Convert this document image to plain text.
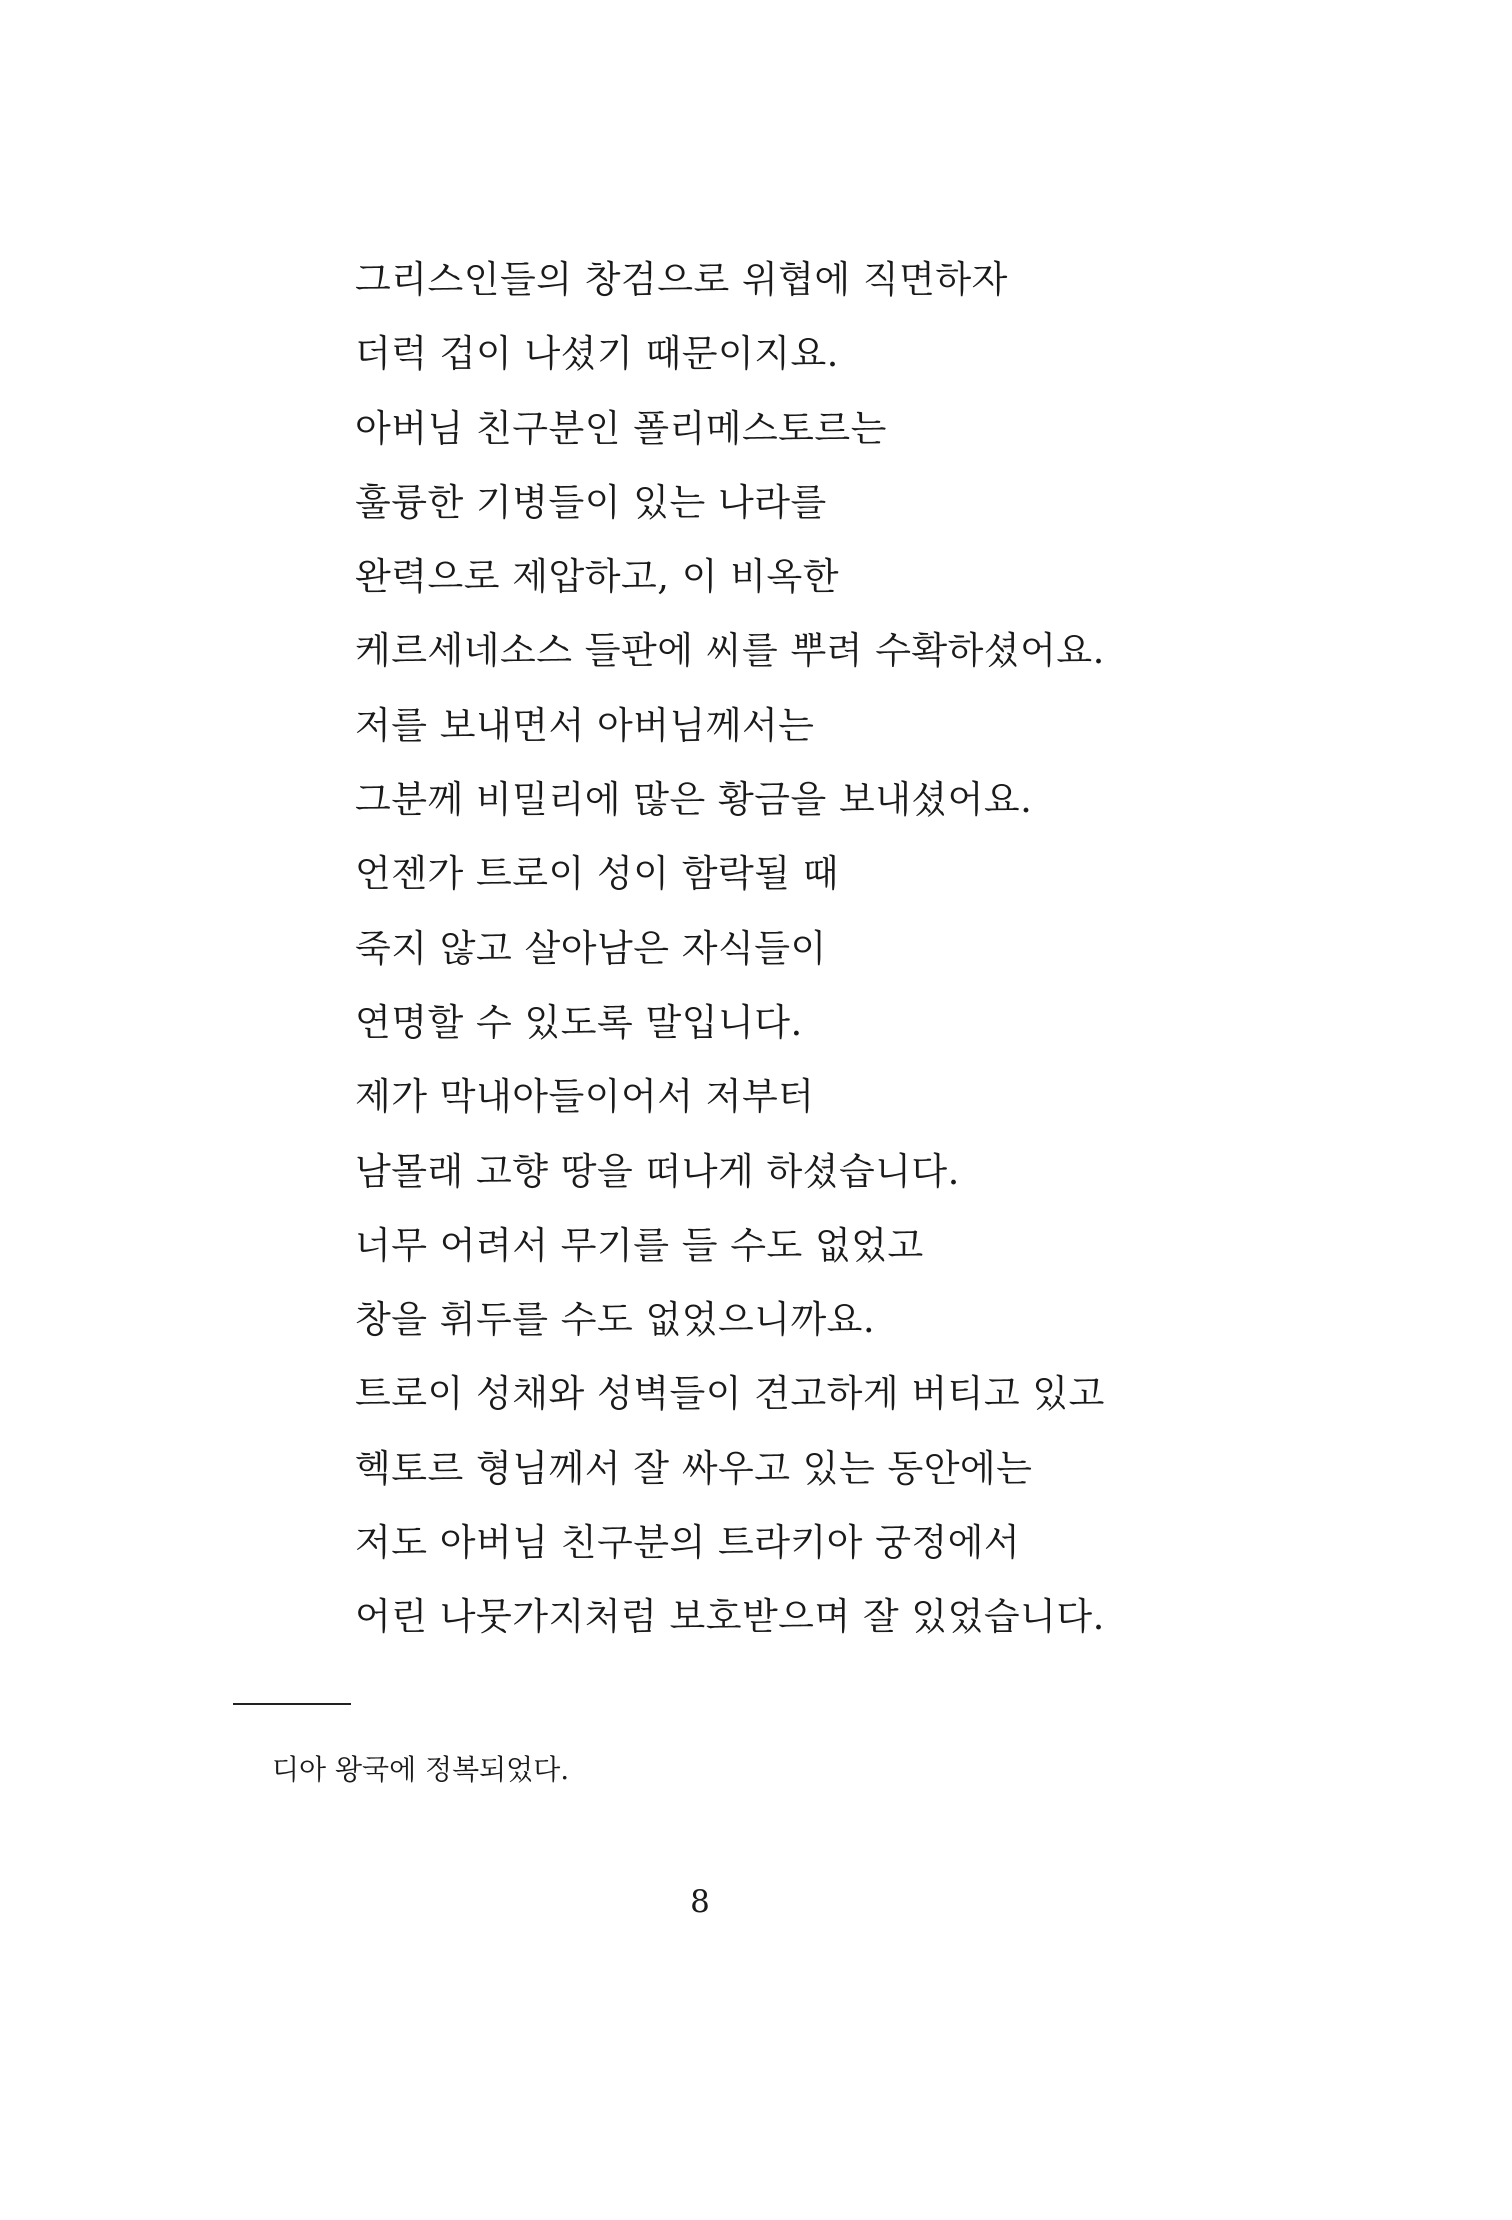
그리스인들의 창검으로 위협에 직면하자
더럭 겁이 나셨기 때문이지요.
아버님 친구분인 폴리메스토르는
훌륭한 기병들이 있는 나라를
완력으로 제압하고, 이 비옥한
케르세네소스 들판에 씨를 뿌려 수확하셨어요.
저를 보내면서 아버님께서는
그분께 비밀리에 많은 황금을 보내셨어요.
언젠가 트로이 성이 함락될 때
죽지 않고 살아남은 자식들이
연명할 수 있도록 말입니다.
제가 막내아들이어서 저부터
남몰래 고향 땅을 떠나게 하셨습니다.
너무 어려서 무기를 들 수도 없었고
창을 휘두를 수도 없었으니까요.
트로이 성채와 성벽들이 견고하게 버티고 있고
헥토르 형님께서 잘 싸우고 있는 동안에는
저도 아버님 친구분의 트라키아 궁정에서
어린 나뭇가지처럼 보호받으며 잘 있었습니다.
디아 왕국에 정복되었다.
8
